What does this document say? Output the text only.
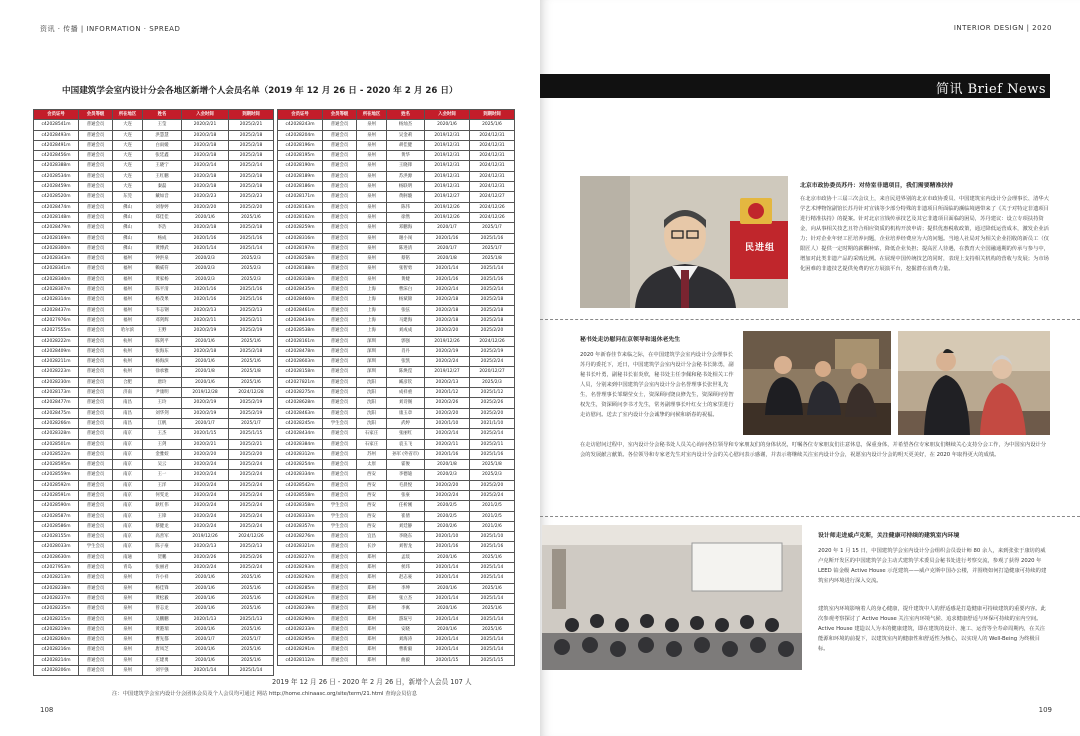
资讯 · 传播 | INFORMATION · SPREAD
中国建筑学会室内设计分会各地区新增个人会员名单（2019 年 12 月 26 日 - 2020 年 2 月 26 日）
会员证号	会员等级	所在地区	姓名	入会时间	到期时间
c42028541m	普通会员	大连	王莹	2020/2/21	2025/2/21
c42028493m	普通会员	大连	洪慧慧	2020/2/18	2025/2/18
c42028491m	普通会员	大连	白雨媛	2020/2/18	2025/2/18
c42028456m	普通会员	大连	张廷鑫	2020/2/18	2025/2/18
c42028388m	普通会员	大连	王晓宁	2020/2/14	2025/2/14
c42028534m	普通会员	大连	王红鹏	2020/2/18	2025/2/18
c42028459m	普通会员	大连	秦磊	2020/2/18	2025/2/18
c42028520m	普通会员	东莞	戴如音	2020/2/23	2025/2/23
c42028474m	普通会员	佛山	刘春婷	2020/2/20	2025/2/20
c42028148m	普通会员	佛山	郑佳佳	2020/1/6	2025/1/6
c42028479m	普通会员	佛山	李浩	2020/2/18	2025/2/18
c42028169m	普通会员	佛山	杨成	2020/1/16	2025/1/16
c42028300m	普通会员	佛山	黄博武	2020/1/14	2025/1/14
c42028343m	普通会员	福州	钟洪泉	2020/2/3	2025/2/3
c42028341m	普通会员	福州	赖威符	2020/2/3	2025/2/3
c42028340m	普通会员	福州	黄家杨	2020/2/3	2025/2/3
c42028307m	普通会员	福州	陈平清	2020/1/16	2025/1/16
c42028314m	普通会员	福州	杨茂果	2020/1/16	2025/1/16
c42028437m	普通会员	福州	韦志钢	2020/2/13	2025/2/13
c42027976m	普通会员	福州	邓剑辉	2020/2/11	2025/2/11
c42027555m	普通会员	哈尔滨	王野	2020/2/19	2025/2/19
c42028222m	普通会员	杭州	陈剑平	2020/1/6	2025/1/6
c42028409m	普通会员	杭州	张海东	2020/2/18	2025/2/18
c42028211m	普通会员	杭州	杨海滨	2020/1/6	2025/1/6
c42028223m	普通会员	杭州	徐承雅	2020/1/8	2025/1/8
c42028230m	普通会员	合肥	唐玲	2020/1/6	2025/1/6
c42028173m	普通会员	济南	尹康明	2019/12/28	2024/12/28
c42028477m	普通会员	南昌	王玲	2020/2/19	2025/2/19
c42028475m	普通会员	南昌	刘华剑	2020/2/19	2025/2/19
c42028266m	普通会员	南昌	江帆	2020/1/7	2025/1/7
c42028328m	普通会员	南京	王杰	2020/1/15	2025/1/15
c42028501m	普通会员	南京	王剑	2020/2/21	2025/2/21
c42028522m	普通会员	南京	金雅姣	2020/2/20	2025/2/20
c42028595m	普通会员	南京	吴云	2020/2/24	2025/2/24
c42028559m	普通会员	南京	王一	2020/2/24	2025/2/24
c42028592m	普通会员	南京	王洋	2020/2/24	2025/2/24
c42028591m	普通会员	南京	何雯龙	2020/2/24	2025/2/24
c42028590m	普通会员	南京	耿红伟	2020/2/24	2025/2/24
c42028587m	普通会员	南京	王锋	2020/2/24	2025/2/24
c42028586m	普通会员	南京	蔡健龙	2020/2/24	2025/2/24
c42028155m	普通会员	南京	高善军	2019/12/26	2024/12/26
c42028033m	学生会员	南京	陈子豪	2020/2/13	2025/2/13
c42028630m	普通会员	南通	贺鹏	2020/2/26	2025/2/26
c42027953m	普通会员	青岛	张丽君	2020/2/24	2025/2/24
c42028213m	普通会员	泉州	许小祥	2020/1/6	2025/1/6
c42028238m	普通会员	泉州	杨佳锋	2020/1/6	2025/1/6
c42028237m	普通会员	泉州	黄松毅	2020/1/6	2025/1/6
c42028235m	普通会员	泉州	曾志龙	2020/1/6	2025/1/6
c42028215m	普通会员	泉州	吴鹏鹏	2020/1/13	2025/1/13
c42028219m	普通会员	泉州	黄港瑞	2020/1/6	2025/1/6
c42028260m	普通会员	泉州	曹先都	2020/1/7	2025/1/7
c42028216m	普通会员	泉州	唐凤芝	2020/1/6	2025/1/6
c42028214m	普通会员	泉州	庄建勇	2020/1/6	2025/1/6
c42028206m	普通会员	泉州	刘宇强	2020/1/14	2025/1/14
会员证号	会员等级	所在地区	姓名	入会时间	到期时间
c42028243m	普通会员	泉州	杨灿杰	2020/1/6	2025/1/6
c42028204m	普通会员	泉州	吴金莉	2019/12/31	2024/12/31
c42028196m	普通会员	泉州	胡佳健	2019/12/31	2024/12/31
c42028195m	普通会员	泉州	黄华	2019/12/31	2024/12/31
c42028190m	普通会员	泉州	王晓锋	2019/12/31	2024/12/31
c42028189m	普通会员	泉州	苏洪源	2019/12/31	2024/12/31
c42028186m	普通会员	泉州	杨联明	2019/12/31	2024/12/31
c42028171m	普通会员	泉州	黄舸璇	2019/12/27	2024/12/27
c42028163m	普通会员	泉州	陈伟	2019/12/26	2024/12/26
c42028162m	普通会员	泉州	徐然	2019/12/26	2024/12/26
c42028259m	普通会员	泉州	邓鹏海	2020/1/7	2025/1/7
c42028316m	普通会员	泉州	谢小闯	2020/1/16	2025/1/16
c42028197m	普通会员	泉州	陈进清	2020/1/7	2025/1/7
c42028258m	普通会员	泉州	蔡铭	2020/1/8	2025/1/8
c42028188m	普通会员	泉州	张智勇	2020/1/14	2025/1/14
c42028318m	普通会员	泉州	黄婕	2020/1/16	2025/1/16
c42028435m	普通会员	上海	曹沫白	2020/2/14	2025/2/14
c42028460m	普通会员	上海	杨斌锦	2020/2/18	2025/2/18
c42028461m	普通会员	上海	张弦	2020/2/18	2025/2/18
c42028434m	普通会员	上海	马建海	2020/2/18	2025/2/18
c42028538m	普通会员	上海	刘成成	2020/2/20	2025/2/20
c42028161m	普通会员	深圳	郭强	2019/12/26	2024/12/26
c42028478m	普通会员	深圳	肖丹	2020/2/19	2025/2/19
c42028603m	普通会员	深圳	张凯	2020/2/24	2025/2/24
c42028158m	普通会员	深圳	陈焕滢	2019/12/27	2020/12/27
c42027821m	普通会员	沈阳	臧彦钦	2020/2/13	2025/2/3
c42028275m	普通会员	沈阳	成祥重	2020/1/12	2025/1/12
c42028628m	普通会员	沈阳	刘诗阁	2020/2/26	2025/2/26
c42028463m	普通会员	沈阳	康玉章	2020/2/20	2025/2/20
c42028245m	学生会员	沈阳	武婷	2020/1/10	2021/1/10
c42028434m	普通会员	石家庄	张丽红	2020/2/14	2025/2/14
c42028384m	普通会员	石家庄	袁玉飞	2020/2/11	2025/2/11
c42028312m	普通会员	苏州	孙军 (外省市)	2020/1/16	2025/1/16
c42028254m	普通会员	太原	霍俊	2020/1/8	2025/1/8
c42028334m	普通会员	西安	李德迪	2020/2/3	2025/2/3
c42028542m	普通会员	西安	毛晨悦	2020/2/20	2025/2/20
c42028558m	普通会员	西安	张豪	2020/2/24	2025/2/24
c42028358m	学生会员	西安	任析刚	2020/2/5	2021/2/5
c42028333m	学生会员	西安	崔倩	2020/2/5	2021/2/5
c42028357m	学生会员	西安	刘廷静	2020/2/6	2021/2/6
c42028276m	普通会员	宜昌	李晓东	2020/1/10	2025/1/10
c42028321m	普通会员	长沙	刘智龙	2020/1/16	2025/1/16
c42028227m	普通会员	郑州	孟琰	2020/1/6	2025/1/6
c42028293m	普通会员	郑州	侯玮	2020/1/14	2025/1/14
c42028292m	普通会员	郑州	赵志豪	2020/1/14	2025/1/14
c42028285m	普通会员	郑州	李坤	2020/1/6	2025/1/6
c42028291m	普通会员	郑州	张立杰	2020/1/14	2025/1/14
c42028239m	普通会员	郑州	李寓	2020/1/6	2025/1/6
c42028290m	普通会员	郑州	游瑄号	2020/1/14	2025/1/14
c42028233m	普通会员	郑州	安晓	2020/1/6	2025/1/6
c42028295m	普通会员	郑州	刘海涛	2020/1/14	2025/1/14
c42028291m	普通会员	郑州	曹新毅	2020/1/14	2025/1/14
c42028112m	普通会员	郑州	曲毅	2020/1/15	2025/1/15
2019 年 12 月 26 日 - 2020 年 2 月 26 日，新增个人会员 107 人
注：中国建筑学会室内设计分会团体会员及个人会员均可通过 网站 http://home.chinaasc.org/site/term/21.html 查询会员信息
108
INTERIOR DESIGN | 2020
简讯 Brief News
民进组
北京市政协委员苏丹：对待室非遗项目，我们需要精准扶持
在北京市政协十三届三次会议上，来自民进界别的北京市政协委员、中国建筑室内设计分会理事长、清华大学艺术博物馆副馆长苏丹针对宣钱等少部分特殊的非遗项目所面临的濒临境遇带来了《关于对特定非遗项目进行精准扶持》的提案。针对北京宣钱传承技艺及其它非遗项目面临的困局，苏丹建议：设立专项扶持资金，向从事相关技艺且符合相应资质的机构开放申请；提供优惠税收政策，通过降低运营成本，激发企业活力；针对企业年轻工匠培养问题，企业培养经费应为大的问题。当地人社局对为相关企业招收的新员工（仅限匠人）提供一定时期的薪酬补贴，降低企业负担；提高匠人待遇，在教育大全国融通期的传承与参与中，增加对此类非遗产品的采购比例。在展现中国传统技艺的同时，表现上支持相关机构的营收与发展；为市场化困难的非遗技艺提供免费的官方展演平台，挖掘潜在消费力量。
秘书处走访慰问在京领导和退休老先生
2020 年新春佳节来临之际，在中国建筑学会室内设计分会理事长苏丹的委托下，近日，中国建筑学会室内设计分会秘书长陈勇，副秘书长叶勇，副秘书长崔炎欣，秘书处主任李佩和秘书处相关工作人员，分别来到中国建筑学会室内设计分会名誉理事长张世礼先生，名誉理事长邹瑚莹女士，资深顾问饶良修先生，资深顾问劳智权先生，资深顾问李书才先生，常务副理事长叶红女士的家里进行走访慰问。送去了室内设计分会诚挚的问候和新春的祝福。
在走访慰问过程中，室内设计分会秘书处人员关心询问各位领导和专家朋友们的身体状况，叮嘱各位专家朋友们注意休息，保重身体，并希望各位专家朋友们继续关心支持分会工作，为中国室内设计分会的发展献言献策。各位领导和专家老先生对室内设计分会的关心慰问表示感谢，并表示将继续关注室内设计分会，祝愿室内设计分会的明天更美好，在 2020 年取得更大的成绩。
设计师走进威卢克斯，关注健康可持续的建筑室内环境
2020 年 1 月 15 日，中国建筑学会室内设计分会组织会员设计师 80 余人，来到张张于康坊的威卢克斯开发区的中国建筑学会主动式建筑学术委员会秘书处进行考察交流，参观了获得 2020 年 LEED 铂金级 Active House 示范建筑——威卢克斯中国办公楼，并围绕如何打造健康可持续的建筑室内环境进行深入交流。
建筑室内环境影响着人的身心健康，提升建筑中人的舒适感是打造健康可持续建筑的重要内容。此次参观考察探讨了 Active House 关注室内环境气候、追求健康舒适与环保可持续的室内空间。Active House 建造以人为本的健康建筑，即在建筑的设计、施工、运营等全寿命周期内，在关注能源和环境的前提下，以建筑室内的健康性和舒适性为核心，以实现人的 Well-Being 为终极目标。
109
